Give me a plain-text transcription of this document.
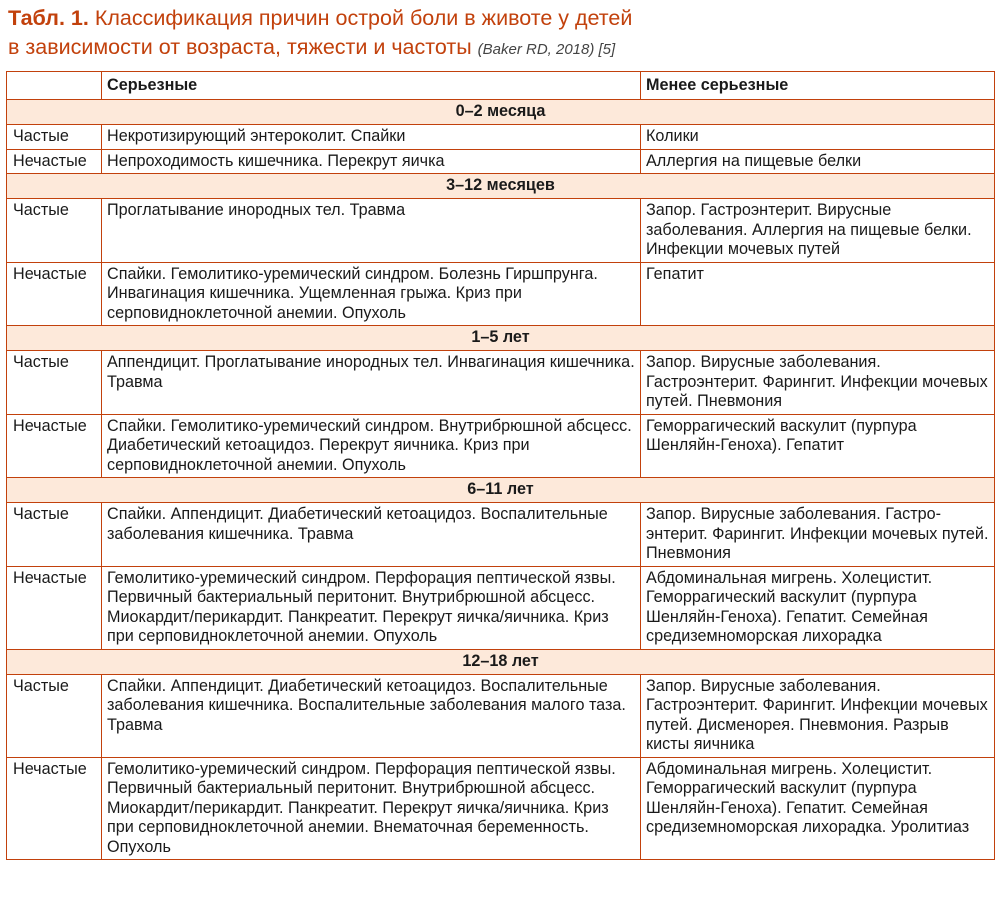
Табл. 1. Классификация причин острой боли в животе у детей
в зависимости от возраста, тяжести и частоты (Baker RD, 2018) [5]
	Серьезные	Менее серьезные
0–2 месяца		
Частые	Некротизирующий энтероколит. Спайки	Колики
Нечастые	Непроходимость кишечника. Перекрут яичка	Аллергия на пищевые белки
3–12 месяцев		
Частые	Проглатывание инородных тел. Травма	Запор. Гастроэнтерит. Вирусные заболевания. Аллергия на пищевые белки. Инфекции мочевых путей
Нечастые	Спайки. Гемолитико-уремический синдром. Болезнь Гиршпрунга. Инвагинация кишечника. Ущемленная грыжа. Криз при серповидноклеточной анемии. Опухоль	Гепатит
1–5 лет		
Частые	Аппендицит. Проглатывание инородных тел. Инвагинация кишечника. Травма	Запор. Вирусные заболевания. Гастроэнтерит. Фарингит. Инфекции мочевых путей. Пневмония
Нечастые	Спайки. Гемолитико-уремический синдром. Внутрибрюшной абсцесс. Диабетический кетоацидоз. Перекрут яичника. Криз при серповидноклеточной анемии. Опухоль	Геморрагический васкулит (пурпура Шенляйн-Геноха). Гепатит
6–11 лет		
Частые	Спайки. Аппендицит. Диабетический кетоацидоз. Воспалительные заболевания кишечника. Травма	Запор. Вирусные заболевания. Гастро-энтерит. Фарингит. Инфекции мочевых путей. Пневмония
Нечастые	Гемолитико-уремический синдром. Перфорация пептической язвы. Первичный бактериальный перитонит. Внутрибрюшной абсцесс. Миокардит/перикардит. Панкреатит. Перекрут яичка/яичника. Криз при серповидноклеточной анемии. Опухоль	Абдоминальная мигрень. Холецистит. Геморрагический васкулит (пурпура Шенляйн-Геноха). Гепатит. Семейная средиземноморская лихорадка
12–18 лет		
Частые	Спайки. Аппендицит. Диабетический кетоацидоз. Воспалительные заболевания кишечника. Воспалительные заболевания малого таза. Травма	Запор. Вирусные заболевания. Гастроэнтерит. Фарингит. Инфекции мочевых путей. Дисменорея. Пневмония. Разрыв кисты яичника
Нечастые	Гемолитико-уремический синдром. Перфорация пептической язвы. Первичный бактериальный перитонит. Внутрибрюшной абсцесс. Миокардит/перикардит. Панкреатит. Перекрут яичка/яичника. Криз при серповидноклеточной анемии. Внематочная беременность. Опухоль	Абдоминальная мигрень. Холецистит. Геморрагический васкулит (пурпура Шенляйн-Геноха). Гепатит. Семейная средиземноморская лихорадка. Уролитиаз
